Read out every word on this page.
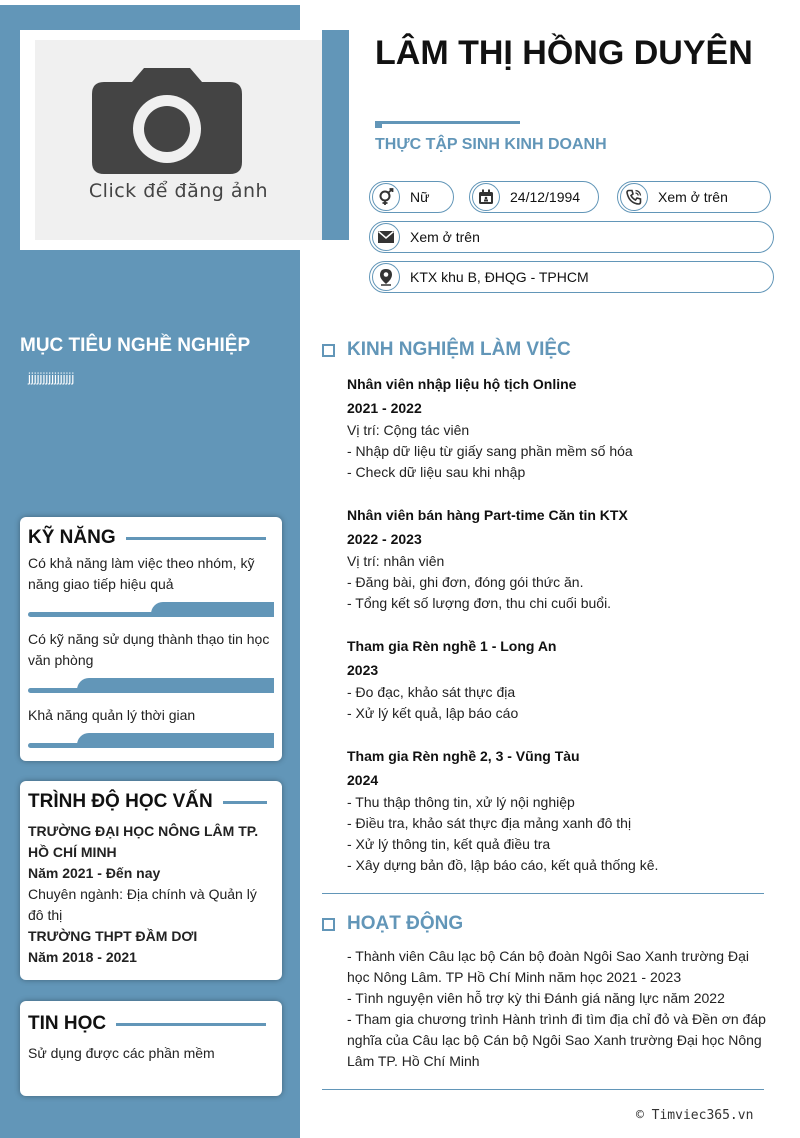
Click để đăng ảnh
MỤC TIÊU NGHỀ NGHIỆP
jjjjjjjjjjjjjjjj
KỸ NĂNG

Có khả năng làm việc theo nhóm, kỹ năng giao tiếp hiệu quả

Có kỹ năng sử dụng thành thạo tin học văn phòng

Khả năng quản lý thời gian

TRÌNH ĐỘ HỌC VẤN

TRƯỜNG ĐẠI HỌC NÔNG LÂM TP. HỒ CHÍ MINH

Năm 2021 - Đến nay

Chuyên ngành: Địa chính và Quản lý đô thị

TRƯỜNG THPT ĐẦM DƠI

Năm 2018 - 2021

TIN HỌC

Sử dụng được các phần mềm

LÂM THỊ HỒNG DUYÊN
THỰC TẬP SINH KINH DOANH
Nữ	24/12/1994	Xem ở trên
Xem ở trên
KTX khu B, ĐHQG - TPHCM
KINH NGHIỆM LÀM VIỆC
Nhân viên nhập liệu hộ tịch Online
2021 - 2022
Vị trí: Cộng tác viên
- Nhập dữ liệu từ giấy sang phần mềm số hóa
- Check dữ liệu sau khi nhập
Nhân viên bán hàng Part-time Căn tin KTX
2022 - 2023
Vị trí: nhân viên
- Đăng bài, ghi đơn, đóng gói thức ăn.
- Tổng kết số lượng đơn, thu chi cuối buổi.
Tham gia Rèn nghề 1 - Long An
2023
- Đo đạc, khảo sát thực địa
- Xử lý kết quả, lập báo cáo
Tham gia Rèn nghề 2, 3 - Vũng Tàu
2024
- Thu thập thông tin, xử lý nội nghiệp
- Điều tra, khảo sát thực địa mảng xanh đô thị
- Xử lý thông tin, kết quả điều tra
- Xây dựng bản đồ, lập báo cáo, kết quả thống kê.
HOẠT ĐỘNG
- Thành viên Câu lạc bộ Cán bộ đoàn Ngôi Sao Xanh trường Đại học Nông Lâm. TP Hồ Chí Minh năm học 2021 - 2023
- Tình nguyện viên hỗ trợ kỳ thi Đánh giá năng lực năm 2022
- Tham gia chương trình Hành trình đi tìm địa chỉ đỏ và Đền ơn đáp nghĩa của Câu lạc bộ Cán bộ Ngôi Sao Xanh trường Đại học Nông Lâm TP. Hồ Chí Minh
© Timviec365.vn
